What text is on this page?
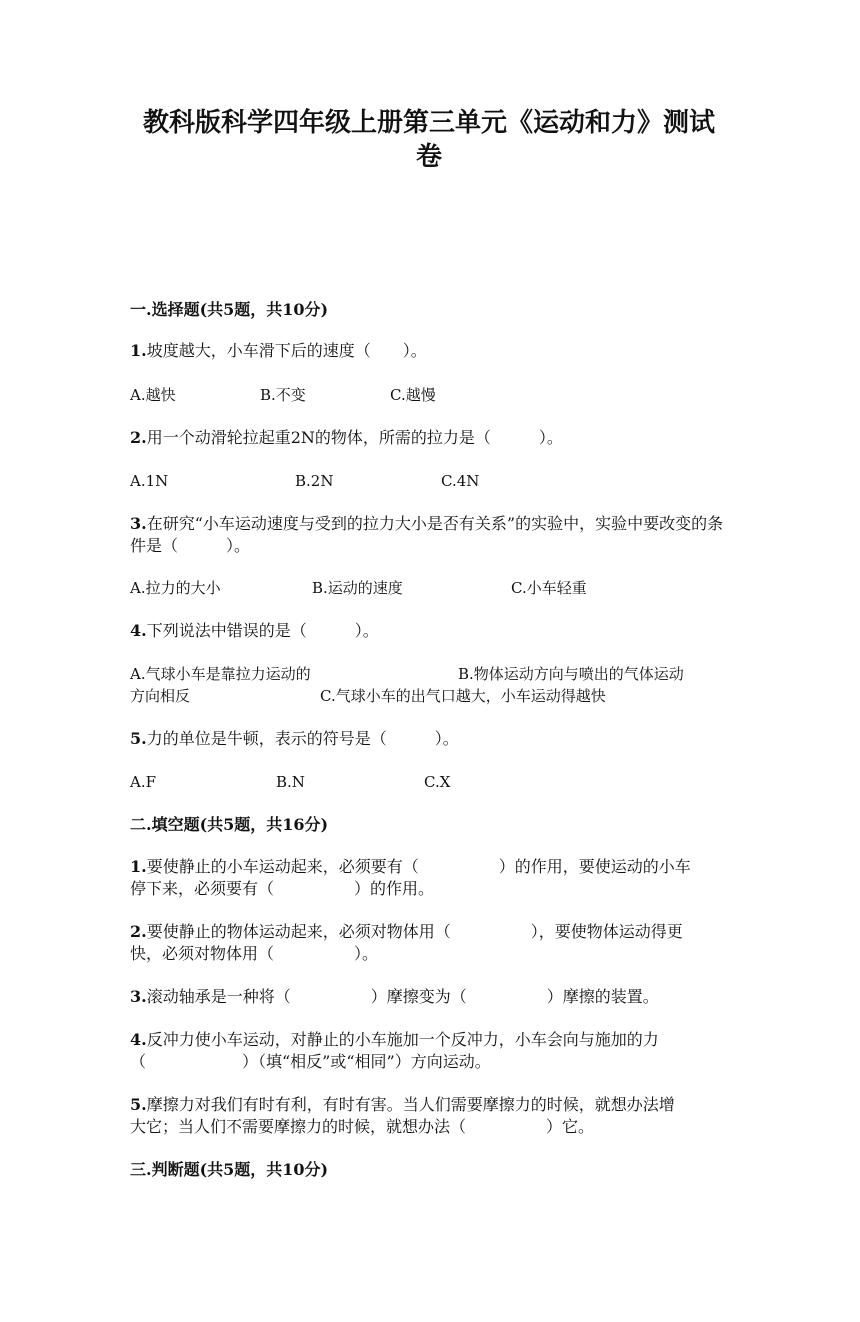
教科版科学四年级上册第三单元《运动和力》测试
卷
一.选择题(共5题，共10分)
1.坡度越大，小车滑下后的速度（　　）。
A.越快	B.不变	C.越慢
2.用一个动滑轮拉起重2N的物体，所需的拉力是（　　　）。
A.1N	B.2N	C.4N
3.在研究“小车运动速度与受到的拉力大小是否有关系”的实验中，实验中要改变的条件是（　　　）。
A.拉力的大小	B.运动的速度	C.小车轻重
4.下列说法中错误的是（　　　）。
A.气球小车是靠拉力运动的	B.物体运动方向与喷出的气体运动
方向相反	C.气球小车的出气口越大，小车运动得越快
5.力的单位是牛顿，表示的符号是（　　　）。
A.F	B.N	C.X
二.填空题(共5题，共16分)
1.要使静止的小车运动起来，必须要有（　　　　　）的作用，要使运动的小车
停下来，必须要有（　　　　　）的作用。
2.要使静止的物体运动起来，必须对物体用（　　　　　），要使物体运动得更
快，必须对物体用（　　　　　）。
3.滚动轴承是一种将（　　　　　）摩擦变为（　　　　　）摩擦的装置。
4.反冲力使小车运动，对静止的小车施加一个反冲力，小车会向与施加的力
（　　　　　　）（填“相反”或“相同”）方向运动。
5.摩擦力对我们有时有利，有时有害。当人们需要摩擦力的时候，就想办法增
大它；当人们不需要摩擦力的时候，就想办法（　　　　　）它。
三.判断题(共5题，共10分)
